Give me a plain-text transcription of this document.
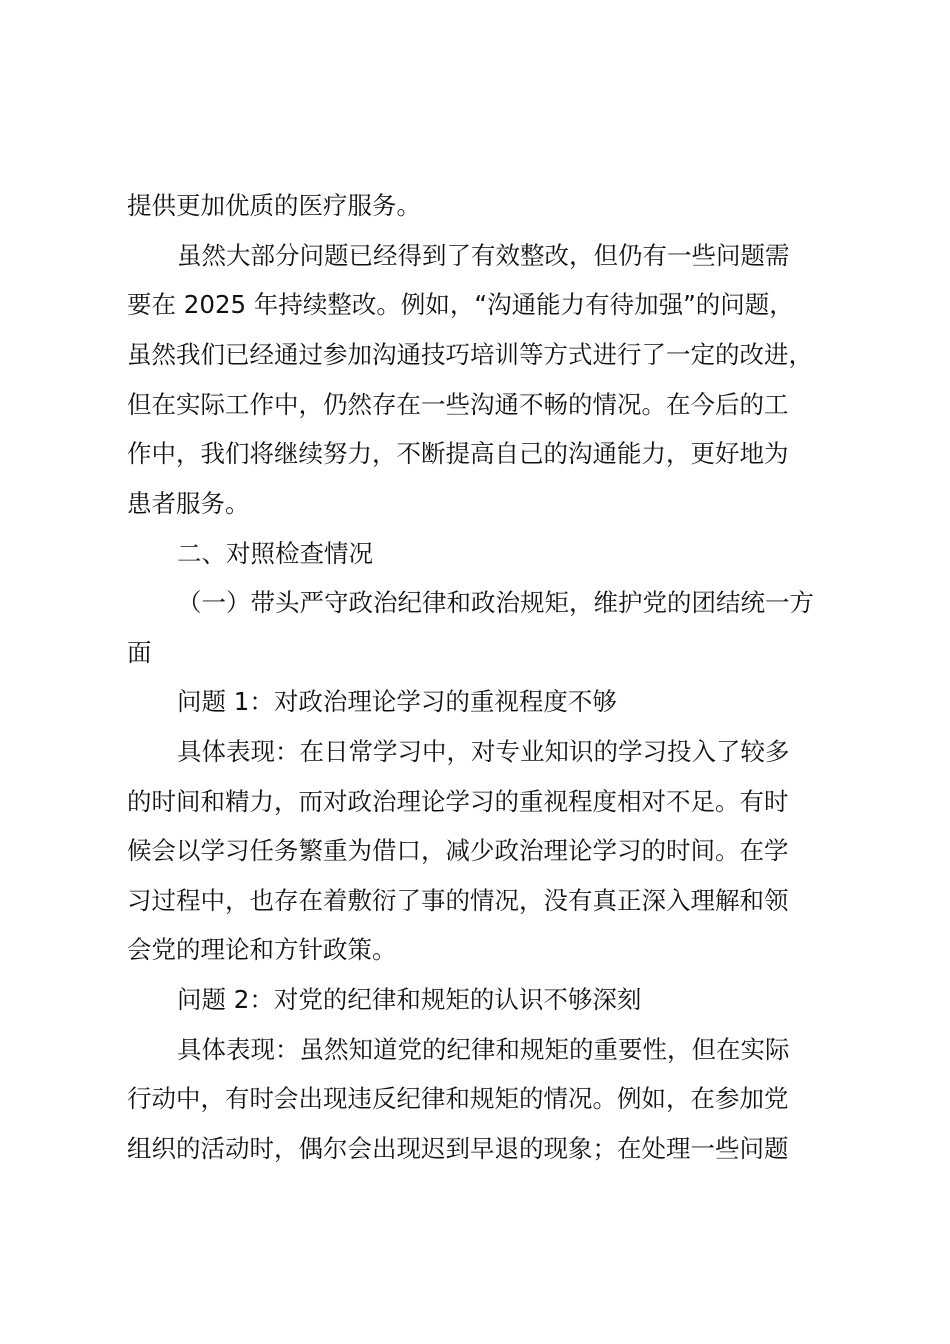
提供更加优质的医疗服务。
虽然大部分问题已经得到了有效整改，但仍有一些问题需
要在 2025 年持续整改。例如，“沟通能力有待加强”的问题，
虽然我们已经通过参加沟通技巧培训等方式进行了一定的改进，
但在实际工作中，仍然存在一些沟通不畅的情况。在今后的工
作中，我们将继续努力，不断提高自己的沟通能力，更好地为
患者服务。
二、对照检查情况
（一）带头严守政治纪律和政治规矩，维护党的团结统一方
面
问题 1：对政治理论学习的重视程度不够
具体表现：在日常学习中，对专业知识的学习投入了较多
的时间和精力，而对政治理论学习的重视程度相对不足。有时
候会以学习任务繁重为借口，减少政治理论学习的时间。在学
习过程中，也存在着敷衍了事的情况，没有真正深入理解和领
会党的理论和方针政策。
问题 2：对党的纪律和规矩的认识不够深刻
具体表现：虽然知道党的纪律和规矩的重要性，但在实际
行动中，有时会出现违反纪律和规矩的情况。例如，在参加党
组织的活动时，偶尔会出现迟到早退的现象；在处理一些问题
